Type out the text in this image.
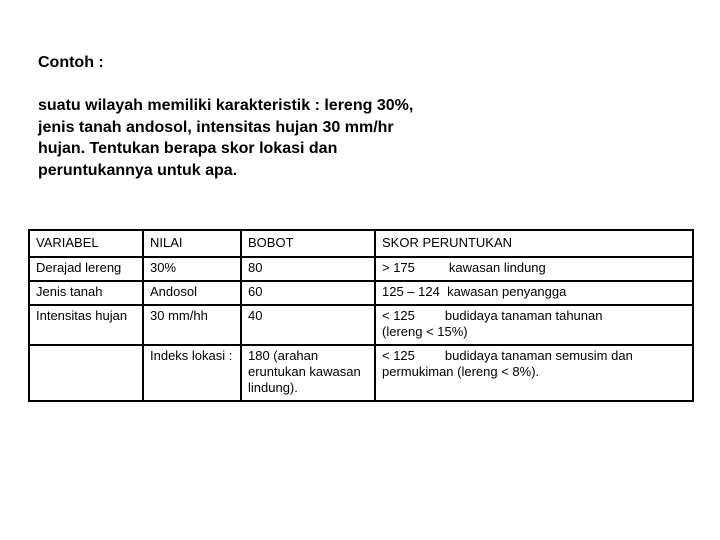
Contoh :
suatu wilayah memiliki karakteristik : lereng 30%,
jenis tanah andosol, intensitas hujan 30 mm/hr
hujan. Tentukan berapa skor lokasi dan
peruntukannya untuk apa.
VARIABEL	NILAI	BOBOT	SKOR PERUNTUKAN
Derajad lereng	30%	80	> 175 kawasan lindung
Jenis tanah	Andosol	60	125 – 124 kawasan penyangga
Intensitas hujan	30 mm/hh	40	< 125 budidaya tanaman tahunan
(lereng < 15%)

	Indeks lokasi :	180 (arahan eruntukan kawasan lindung).	< 125 budidaya tanaman semusim dan
permukiman (lereng < 8%).
